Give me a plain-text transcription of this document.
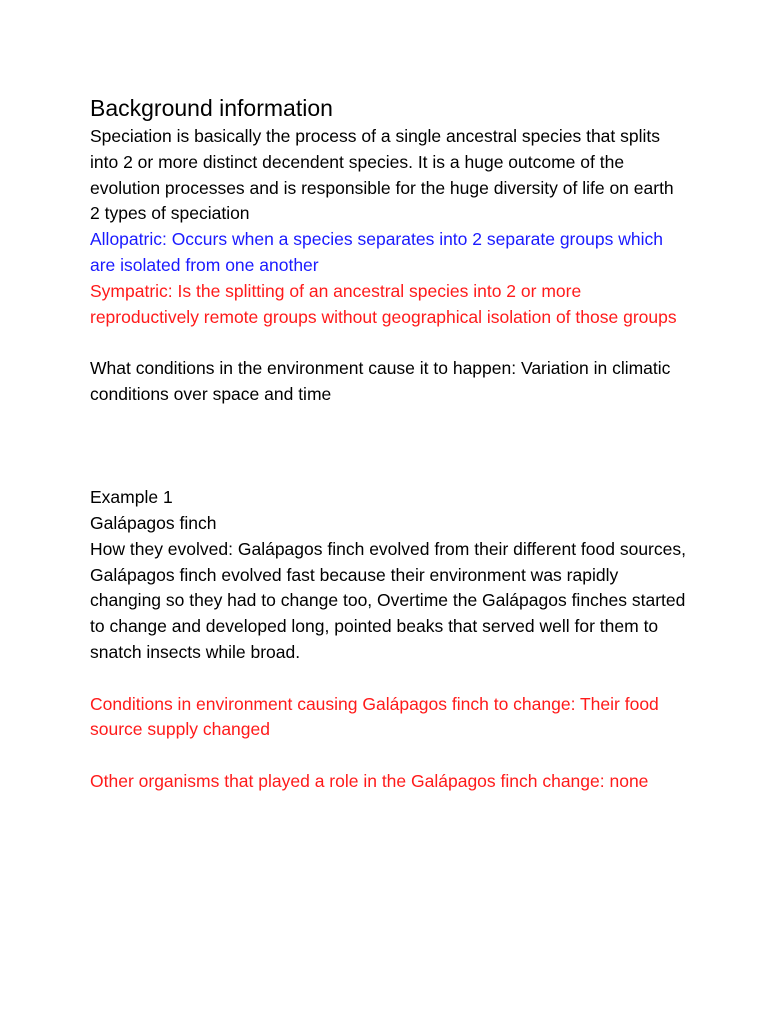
Background information

Speciation is basically the process of a single ancestral species that splits into 2 or more distinct decendent species. It is a huge outcome of the evolution processes and is responsible for the huge diversity of life on earth

2 types of speciation

Allopatric: Occurs when a species separates into 2 separate groups which are isolated from one another

Sympatric: Is the splitting of an ancestral species into 2 or more reproductively remote groups without geographical isolation of those groups

What conditions in the environment cause it to happen: Variation in climatic conditions over space and time

Example 1

Galápagos finch

How they evolved: Galápagos finch evolved from their different food sources, Galápagos finch evolved fast because their environment was rapidly changing so they had to change too, Overtime the Galápagos finches started to change and developed long, pointed beaks that served well for them to snatch insects while broad.

Conditions in environment causing Galápagos finch to change: Their food source supply changed

Other organisms that played a role in the Galápagos finch change: none
